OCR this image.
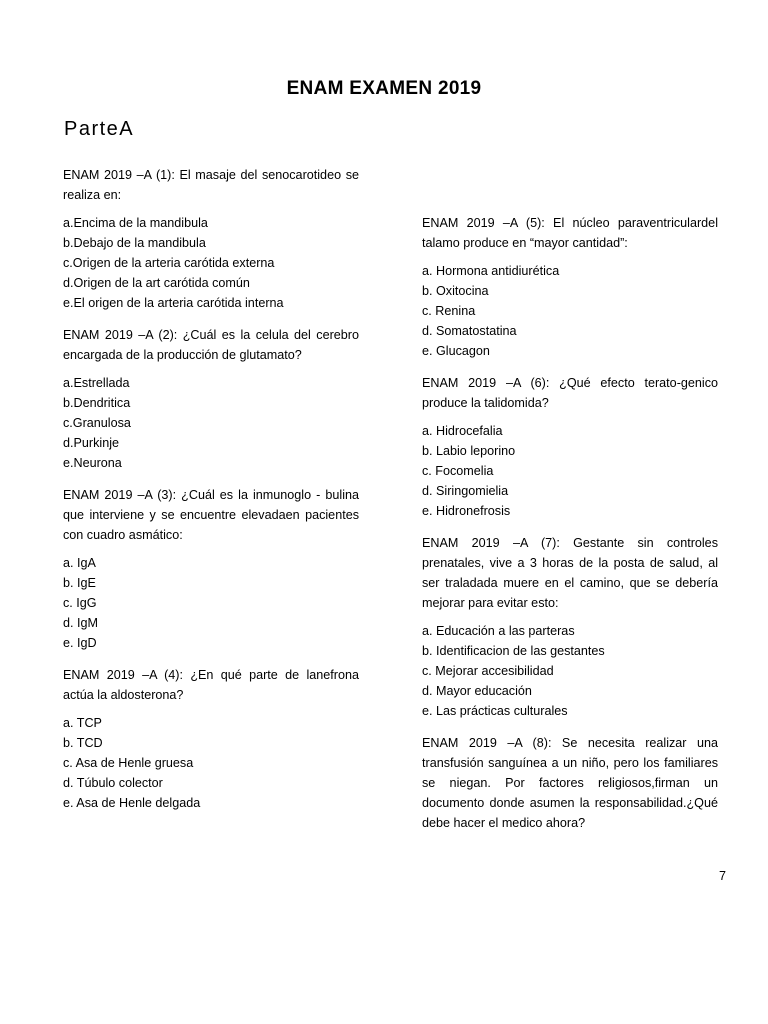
ENAM EXAMEN 2019
ParteA

ENAM 2019 –A (1): El masaje del senocarotideo se realiza en:

a.Encima de la mandibula
b.Debajo de la mandibula
c.Origen de la arteria carótida externa
d.Origen de la art carótida común
e.El origen de la arteria carótida interna

ENAM 2019 –A (2): ¿Cuál es la celula del cerebro encargada de la producción de glutamato?

a.Estrellada
b.Dendritica
c.Granulosa
d.Purkinje
e.Neurona

ENAM 2019 –A (3): ¿Cuál es la inmunoglo - bulina que interviene y se encuentre elevadaen pacientes con cuadro asmático:

a. IgA
b. IgE
c. IgG
d. IgM
e. IgD

ENAM 2019 –A (4): ¿En qué parte de lanefrona actúa la aldosterona?

a. TCP
b. TCD
c. Asa de Henle gruesa
d. Túbulo colector
e. Asa de Henle delgada

ENAM 2019 –A (5): El núcleo paraventriculardel talamo produce en “mayor cantidad”:

a. Hormona antidiurética
b. Oxitocina
c. Renina
d. Somatostatina
e. Glucagon

ENAM 2019 –A (6): ¿Qué efecto terato-genico produce la talidomida?

a. Hidrocefalia
b. Labio leporino
c. Focomelia
d. Siringomielia
e. Hidronefrosis

ENAM 2019 –A (7): Gestante sin controles prenatales, vive a 3 horas de la posta de salud, al ser traladada muere en el camino, que se debería mejorar para evitar esto:

a. Educación a las parteras
b. Identificacion de las gestantes
c. Mejorar accesibilidad
d. Mayor educación
e. Las prácticas culturales

ENAM 2019 –A (8): Se necesita realizar una transfusión sanguínea a un niño, pero los familiares se niegan. Por factores religiosos,firman un documento donde asumen la responsabilidad.¿Qué debe hacer el medico ahora?

7
